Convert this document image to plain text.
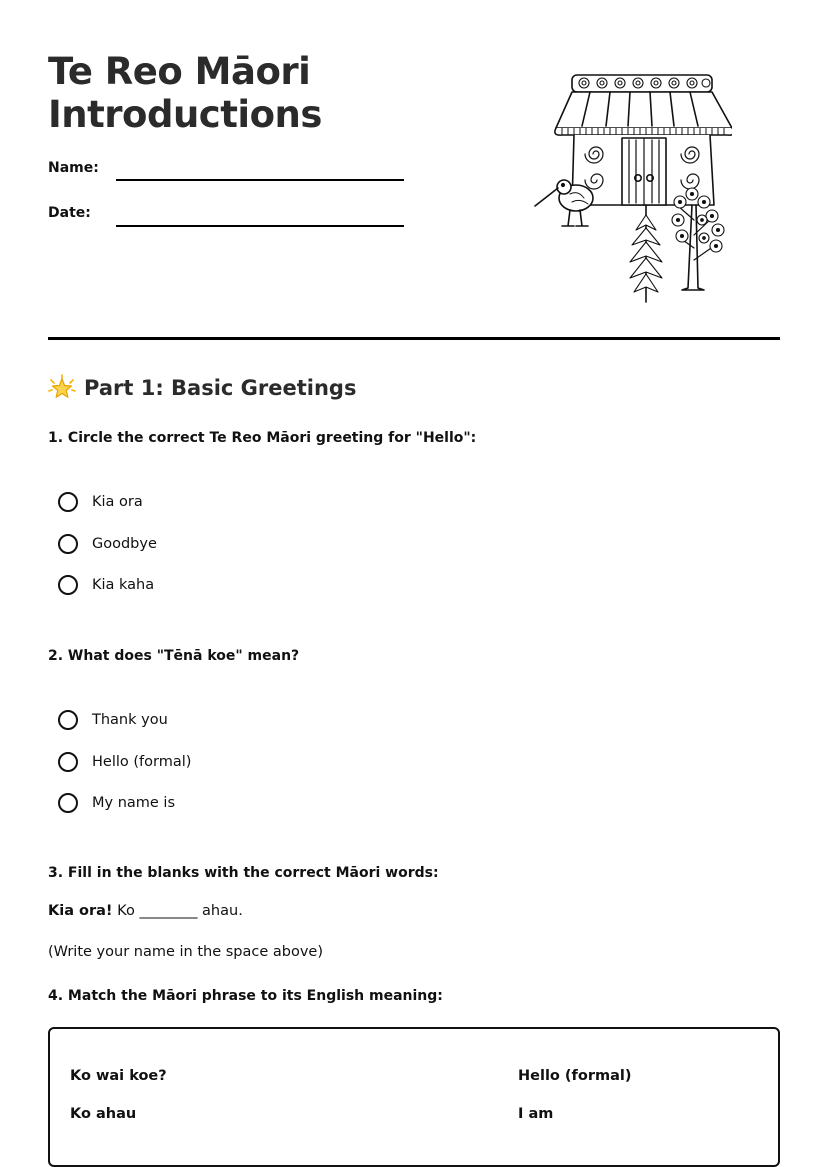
Te Reo Māori
Introductions
Name:
Date:
Part 1: Basic Greetings
1. Circle the correct Te Reo Māori greeting for "Hello":
Kia ora
Goodbye
Kia kaha
2. What does "Tēnā koe" mean?
Thank you
Hello (formal)
My name is
3. Fill in the blanks with the correct Māori words:
Kia ora! Ko ________ ahau.
(Write your name in the space above)
4. Match the Māori phrase to its English meaning:
Ko wai koe?	Hello (formal)
Ko ahau	I am
